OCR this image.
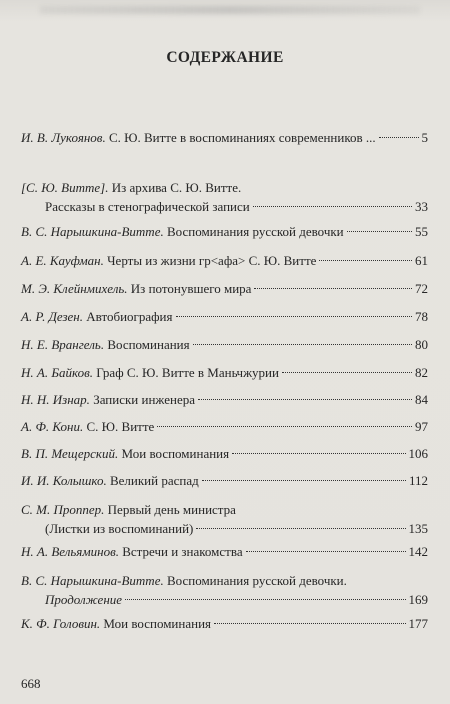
СОДЕРЖАНИЕ
И. В. Лукоянов. С. Ю. Витте в воспоминаниях современников ...	5
[С. Ю. Витте]. Из архива С. Ю. Витте.
Рассказы в стенографической записи	33
В. С. Нарышкина-Витте. Воспоминания русской девочки	55
А. Е. Кауфман. Черты из жизни гр<афа> С. Ю. Витте	61
М. Э. Клейнмихель. Из потонувшего мира	72
А. Р. Дезен. Автобиография	78
Н. Е. Врангель. Воспоминания	80
Н. А. Байков. Граф С. Ю. Витте в Маньчжурии	82
Н. Н. Изнар. Записки инженера	84
А. Ф. Кони. С. Ю. Витте	97
В. П. Мещерский. Мои воспоминания	106
И. И. Колышко. Великий распад	112
С. М. Проппер. Первый день министра
(Листки из воспоминаний)	135
Н. А. Вельяминов. Встречи и знакомства	142
В. С. Нарышкина-Витте. Воспоминания русской девочки.
Продолжение	169
К. Ф. Головин. Мои воспоминания	177
668
